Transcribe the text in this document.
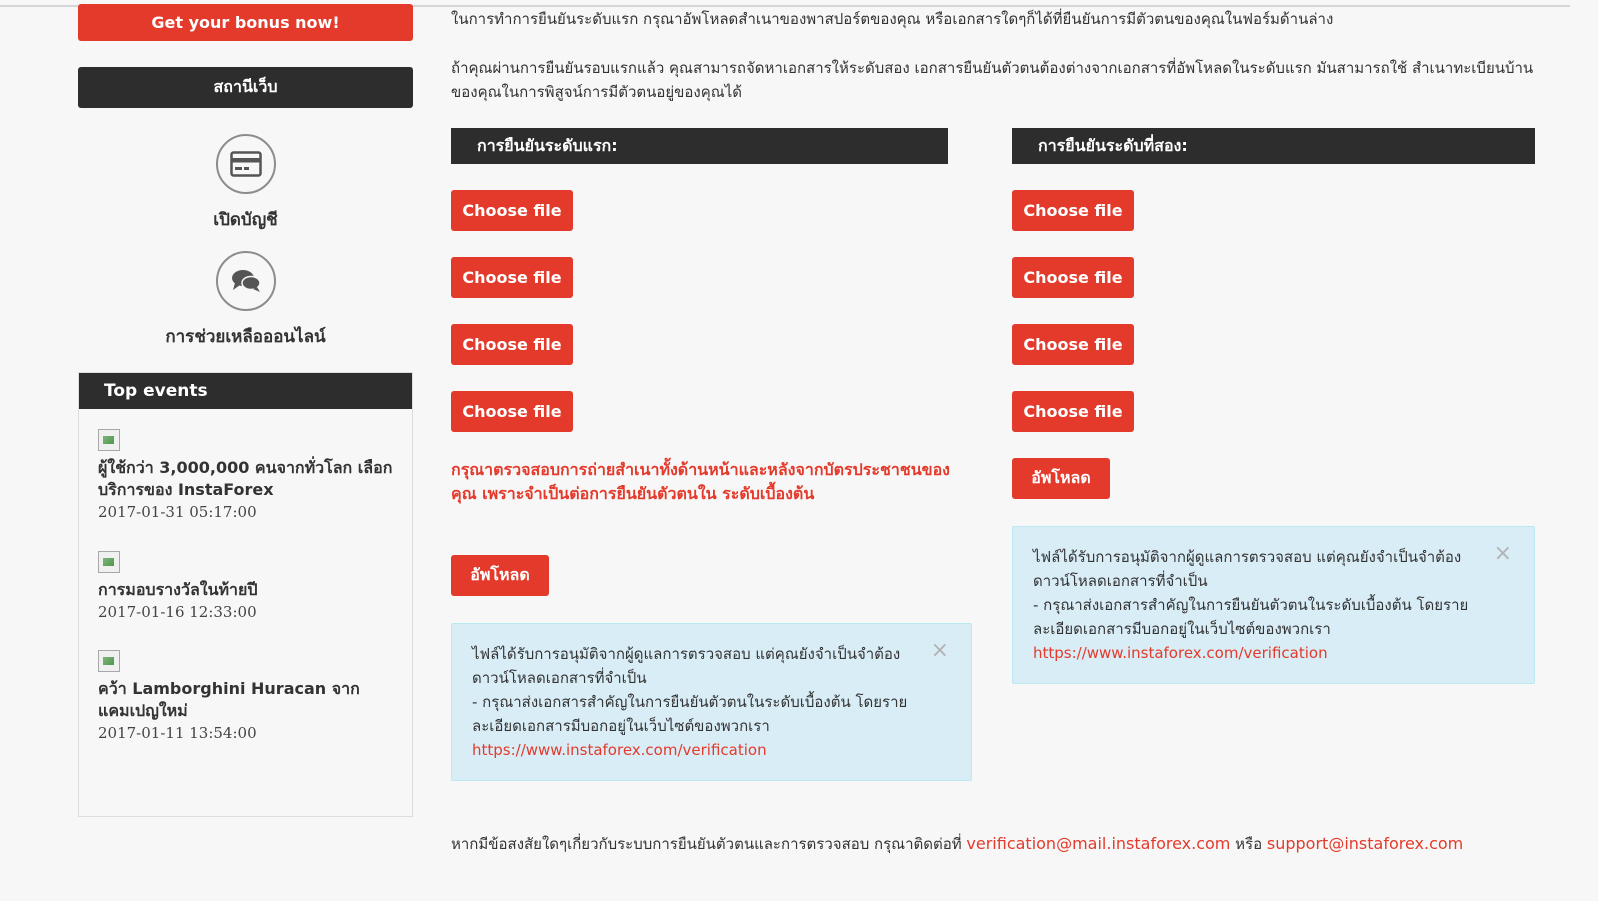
Get your bonus now!
สถานีเว็บ
เปิดบัญชี
การช่วยเหลือออนไลน์
Top events
ผู้ใช้กว่า 3,000,000 คนจากทั่วโลก เลือกบริการของ InstaForex
2017-01-31 05:17:00
การมอบรางวัลในท้ายปี
2017-01-16 12:33:00
คว้า Lamborghini Huracan จาก แคมเปญใหม่
2017-01-11 13:54:00
ในการทำการยืนยันระดับแรก กรุณาอัพโหลดสำเนาของพาสปอร์ตของคุณ หรือเอกสารใดๆก็ได้ที่ยืนยันการมีตัวตนของคุณในฟอร์มด้านล่าง
ถ้าคุณผ่านการยืนยันรอบแรกแล้ว คุณสามารถจัดหาเอกสารให้ระดับสอง เอกสารยืนยันตัวตนต้องต่างจากเอกสารที่อัพโหลดในระดับแรก มันสามารถใช้ สำเนาทะเบียนบ้านของคุณในการพิสูจน์การมีตัวตนอยู่ของคุณได้
การยืนยันระดับแรก:
Choose file
Choose file
Choose file
Choose file
กรุณาตรวจสอบการถ่ายสำเนาทั้งด้านหน้าและหลังจากบัตรประชาชนของคุณ เพราะจำเป็นต่อการยืนยันตัวตนใน ระดับเบื้องต้น
อัพโหลด
×
ไฟล์ได้รับการอนุมัติจากผู้ดูแลการตรวจสอบ แต่คุณยังจำเป็นจำต้องดาวน์โหลดเอกสารที่จำเป็น
- กรุณาส่งเอกสารสำคัญในการยืนยันตัวตนในระดับเบื้องต้น โดยรายละเอียดเอกสารมีบอกอยู่ในเว็บไซต์ของพวกเรา
https://www.instaforex.com/verification
การยืนยันระดับที่สอง:
Choose file
Choose file
Choose file
Choose file
อัพโหลด
×
ไฟล์ได้รับการอนุมัติจากผู้ดูแลการตรวจสอบ แต่คุณยังจำเป็นจำต้องดาวน์โหลดเอกสารที่จำเป็น
- กรุณาส่งเอกสารสำคัญในการยืนยันตัวตนในระดับเบื้องต้น โดยรายละเอียดเอกสารมีบอกอยู่ในเว็บไซต์ของพวกเรา
https://www.instaforex.com/verification
หากมีข้อสงสัยใดๆเกี่ยวกับระบบการยืนยันตัวตนและการตรวจสอบ กรุณาติดต่อที่ verification@mail.instaforex.com หรือ support@instaforex.com
